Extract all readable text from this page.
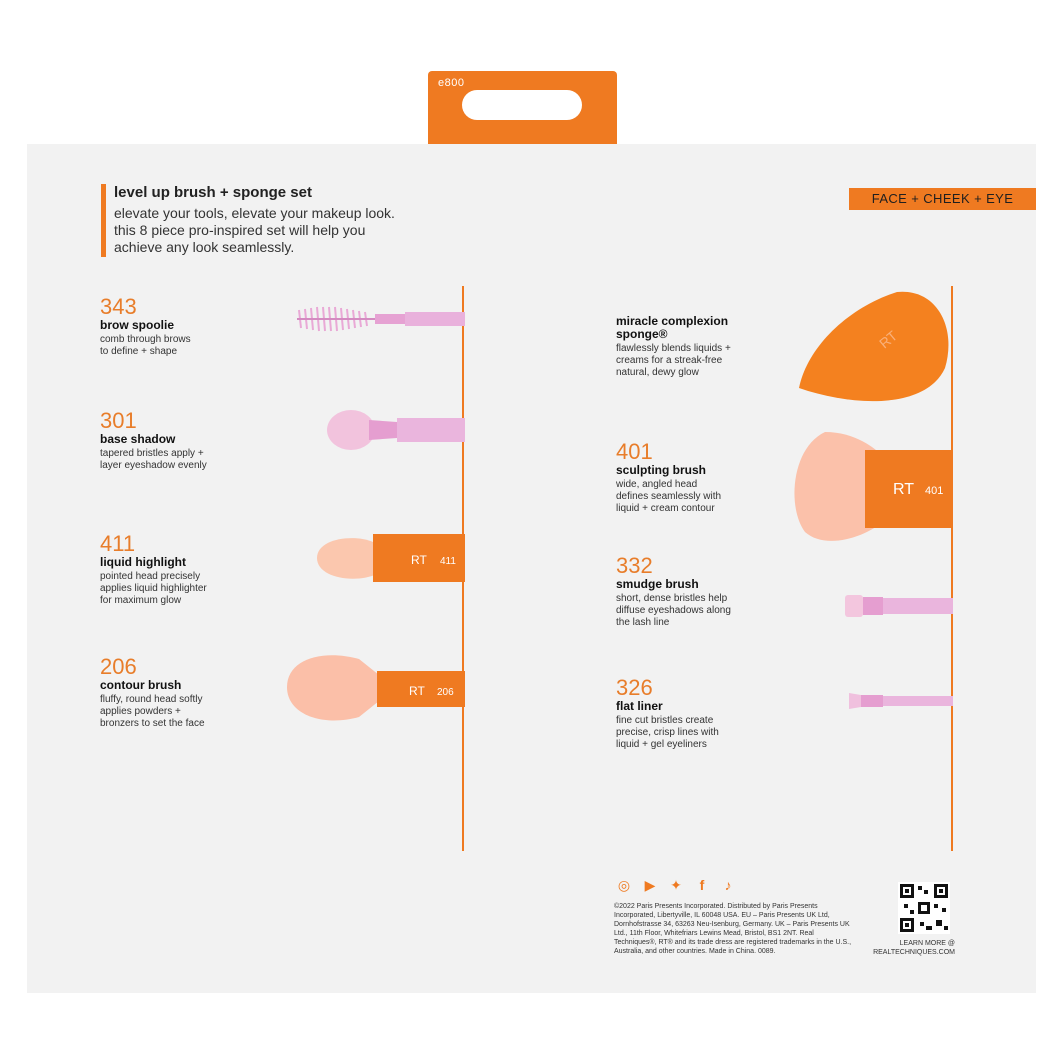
e800
level up brush + sponge set
elevate your tools, elevate your makeup look.
this 8 piece pro-inspired set will help you
achieve any look seamlessly.
FACE + CHEEK + EYE
343
brow spoolie
comb through brows
to define + shape
301
base shadow
tapered bristles apply +
layer eyeshadow evenly
411
liquid highlight
pointed head precisely
applies liquid highlighter
for maximum glow
206
contour brush
fluffy, round head softly
applies powders +
bronzers to set the face
miracle complexion sponge®
flawlessly blends liquids +
creams for a streak-free
natural, dewy glow
401
sculpting brush
wide, angled head
defines seamlessly with
liquid + cream contour
332
smudge brush
short, dense bristles help
diffuse eyeshadows along
the lash line
326
flat liner
fine cut bristles create
precise, crisp lines with
liquid + gel eyeliners
RT 411
RT 206
RT
RT 401
◎	▶	✦	f	♪
©2022 Paris Presents Incorporated. Distributed by Paris Presents Incorporated, Libertyville, IL 60048 USA. EU – Paris Presents UK Ltd, Dornhofstrasse 34, 63263 Neu-Isenburg, Germany. UK – Paris Presents UK Ltd., 11th Floor, Whitefriars Lewins Mead, Bristol, BS1 2NT. Real Techniques®, RT® and its trade dress are registered trademarks in the U.S., Australia, and other countries. Made in China. 0089.
LEARN MORE @
REALTECHNIQUES.COM
